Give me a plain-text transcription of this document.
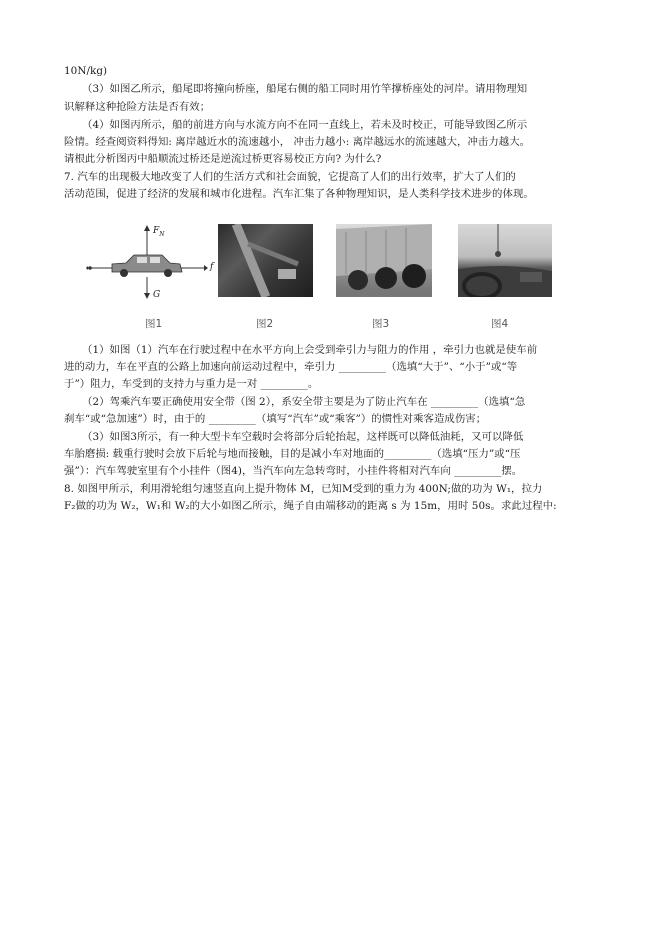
10N/kg)
（3）如图乙所示，船尾即将撞向桥座，船尾右侧的船工同时用竹竿撑桥座处的河岸。请用物理知
识解释这种抢险方法是否有效；
（4）如图丙所示，船的前进方向与水流方向不在同一直线上，若未及时校正，可能导致图乙所示
险情。经查阅资料得知: 离岸越近水的流速越小， 冲击力越小: 离岸越远水的流速越大，冲击力越大。
请根此分析图丙中船顺流过桥还是逆流过桥更容易校正方向? 为什么?
7. 汽车的出现极大地改变了人们的生活方式和社会面貌，它提高了人们的出行效率，扩大了人们的
活动范围，促进了经济的发展和城市化进程。汽车汇集了各种物理知识，是人类科学技术进步的体现。
$F_N$
G
f
图1	图2	图3	图4
（1）如图（1）汽车在行驶过程中在水平方向上会受到牵引力与阻力的作用 ，牵引力也就是使车前
进的动力，车在平直的公路上加速向前运动过程中，牵引力 _________（选填“大于”、“小于”或“等
于”）阻力，车受到的支持力与重力是一对 _________。
（2）驾乘汽车要正确使用安全带（图 2），系安全带主要是为了防止汽车在 _________（选填“急
刹车“或“急加速”）时，由于的 _________（填写“汽车”或“乘客”）的惯性对乘客造成伤害；
（3）如图3所示，有一种大型卡车空载时会将部分后轮抬起，这样既可以降低油耗，又可以降低
车胎磨损: 载重行驶时会放下后轮与地而接触，目的是减小车对地面的_________（选填“压力”或“压
强”）：汽车驾驶室里有个小挂件（图4)，当汽车向左急转弯时，小挂件将相对汽车向 _________摆。
8. 如图甲所示，利用滑轮组匀速竖直向上提升物体 M，已知M受到的重力为 400N;做的功为 W₁，拉力
F₂做的功为 W₂，W₁和 W₂的大小如图乙所示，绳子自由端移动的距离 s 为 15m，用时 50s。求此过程中:
